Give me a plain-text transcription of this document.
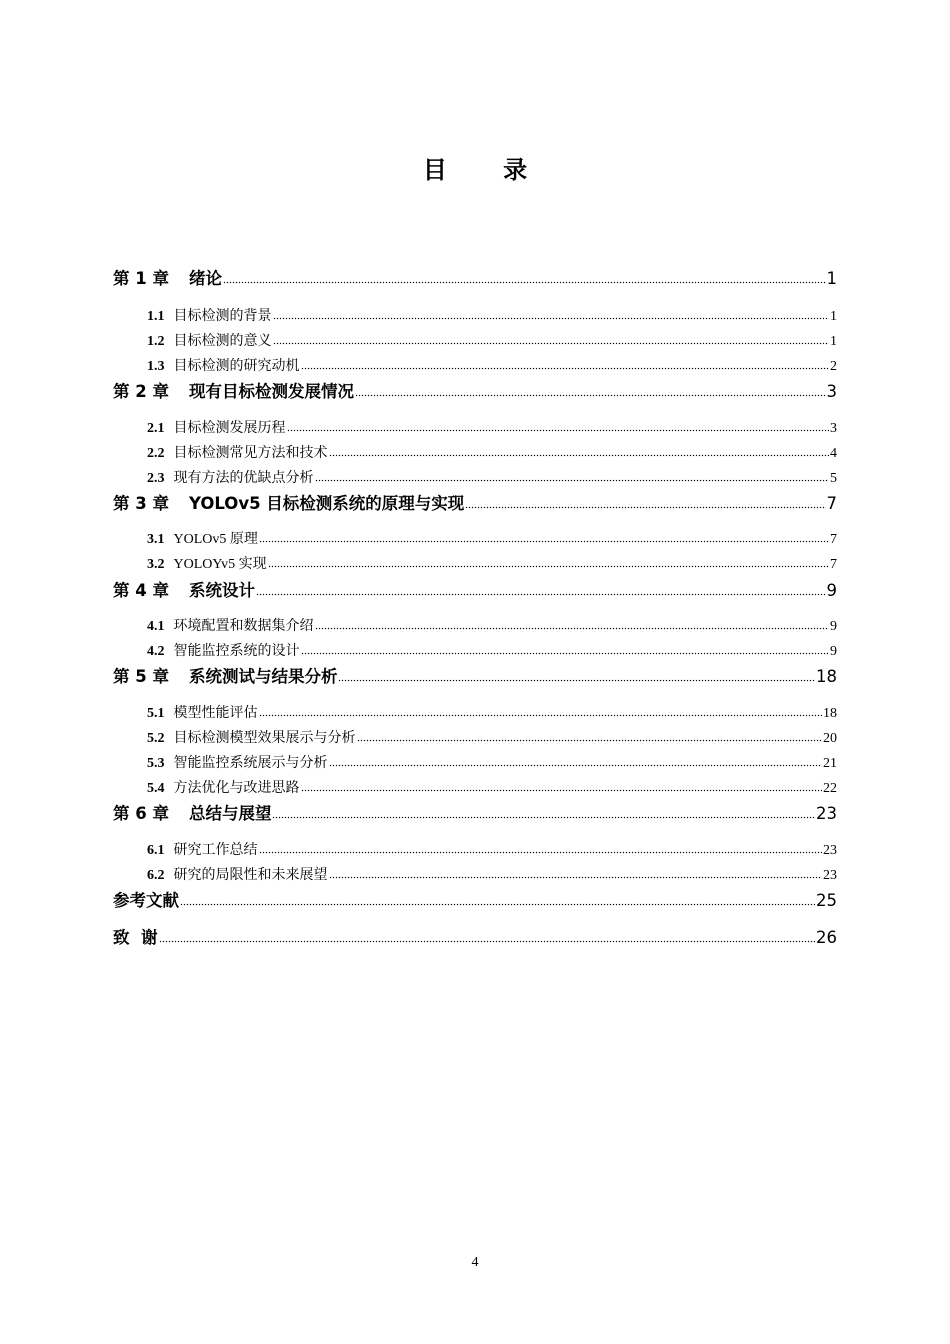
目 录
第 1 章 绪论	1
1.1 目标检测的背景	1
1.2 目标检测的意义	1
1.3 目标检测的研究动机	2
第 2 章 现有目标检测发展情况	3
2.1 目标检测发展历程	3
2.2 目标检测常见方法和技术	4
2.3 现有方法的优缺点分析	5
第 3 章 YOLOv5 目标检测系统的原理与实现	7
3.1 YOLOv5 原理	7
3.2 YOLOYv5 实现	7
第 4 章 系统设计	9
4.1 环境配置和数据集介绍	9
4.2 智能监控系统的设计	9
第 5 章 系统测试与结果分析	18
5.1 模型性能评估	18
5.2 目标检测模型效果展示与分析	20
5.3 智能监控系统展示与分析	21
5.4 方法优化与改进思路	22
第 6 章 总结与展望	23
6.1 研究工作总结	23
6.2 研究的局限性和未来展望	23
参考文献	25
致  谢	26
4
